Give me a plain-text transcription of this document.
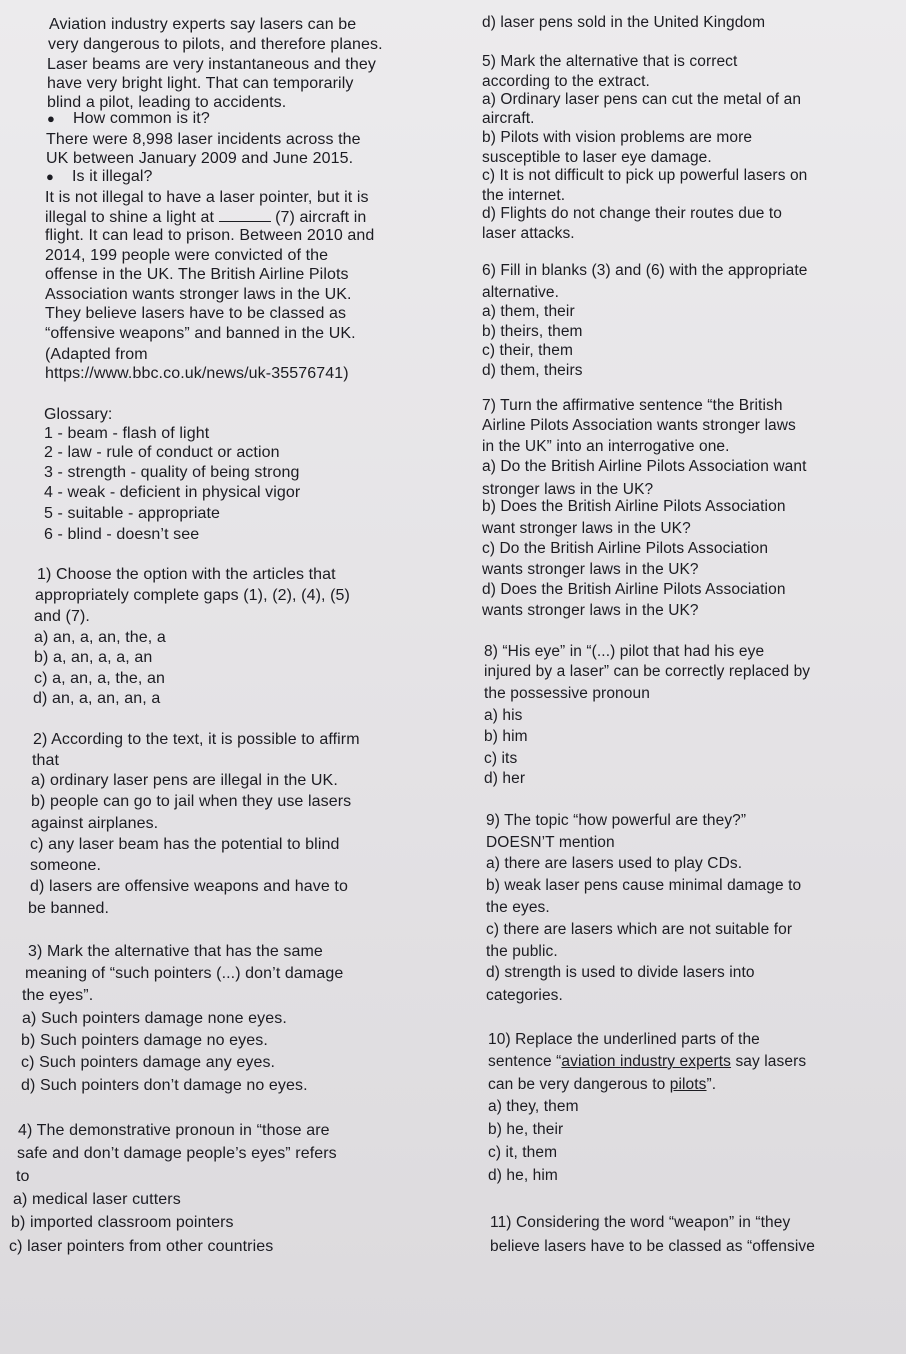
Aviation industry experts say lasers can be
very dangerous to pilots, and therefore planes.
Laser beams are very instantaneous and they
have very bright light. That can temporarily
blind a pilot, leading to accidents.
● How common is it?
There were 8,998 laser incidents across the
UK between January 2009 and June 2015.
● Is it illegal?
It is not illegal to have a laser pointer, but it is
illegal to shine a light at	(7) aircraft in
flight. It can lead to prison. Between 2010 and
2014, 199 people were convicted of the
offense in the UK. The British Airline Pilots
Association wants stronger laws in the UK.
They believe lasers have to be classed as
“offensive weapons” and banned in the UK.
(Adapted from
https://www.bbc.co.uk/news/uk-35576741)
Glossary:
1 - beam - flash of light
2 - law - rule of conduct or action
3 - strength - quality of being strong
4 - weak - deficient in physical vigor
5 - suitable - appropriate
6 - blind - doesn’t see
1) Choose the option with the articles that
appropriately complete gaps (1), (2), (4), (5)
and (7).
a) an, a, an, the, a
b) a, an, a, a, an
c) a, an, a, the, an
d) an, a, an, an, a
2) According to the text, it is possible to affirm
that
a) ordinary laser pens are illegal in the UK.
b) people can go to jail when they use lasers
against airplanes.
c) any laser beam has the potential to blind
someone.
d) lasers are offensive weapons and have to
be banned.
3) Mark the alternative that has the same
meaning of “such pointers (...) don’t damage
the eyes”.
a) Such pointers damage none eyes.
b) Such pointers damage no eyes.
c) Such pointers damage any eyes.
d) Such pointers don’t damage no eyes.
4) The demonstrative pronoun in “those are
safe and don’t damage people’s eyes” refers
to
a) medical laser cutters
b) imported classroom pointers
c) laser pointers from other countries
d) laser pens sold in the United Kingdom
5) Mark the alternative that is correct
according to the extract.
a) Ordinary laser pens can cut the metal of an
aircraft.
b) Pilots with vision problems are more
susceptible to laser eye damage.
c) It is not difficult to pick up powerful lasers on
the internet.
d) Flights do not change their routes due to
laser attacks.
6) Fill in blanks (3) and (6) with the appropriate
alternative.
a) them, their
b) theirs, them
c) their, them
d) them, theirs
7) Turn the affirmative sentence “the British
Airline Pilots Association wants stronger laws
in the UK” into an interrogative one.
a) Do the British Airline Pilots Association want
stronger laws in the UK?
b) Does the British Airline Pilots Association
want stronger laws in the UK?
c) Do the British Airline Pilots Association
wants stronger laws in the UK?
d) Does the British Airline Pilots Association
wants stronger laws in the UK?
8) “His eye” in “(...) pilot that had his eye
injured by a laser” can be correctly replaced by
the possessive pronoun
a) his
b) him
c) its
d) her
9) The topic “how powerful are they?”
DOESN’T mention
a) there are lasers used to play CDs.
b) weak laser pens cause minimal damage to
the eyes.
c) there are lasers which are not suitable for
the public.
d) strength is used to divide lasers into
categories.
10) Replace the underlined parts of the
sentence “aviation industry experts say lasers
can be very dangerous to pilots”.
a) they, them
b) he, their
c) it, them
d) he, him
11) Considering the word “weapon” in “they
believe lasers have to be classed as “offensive
